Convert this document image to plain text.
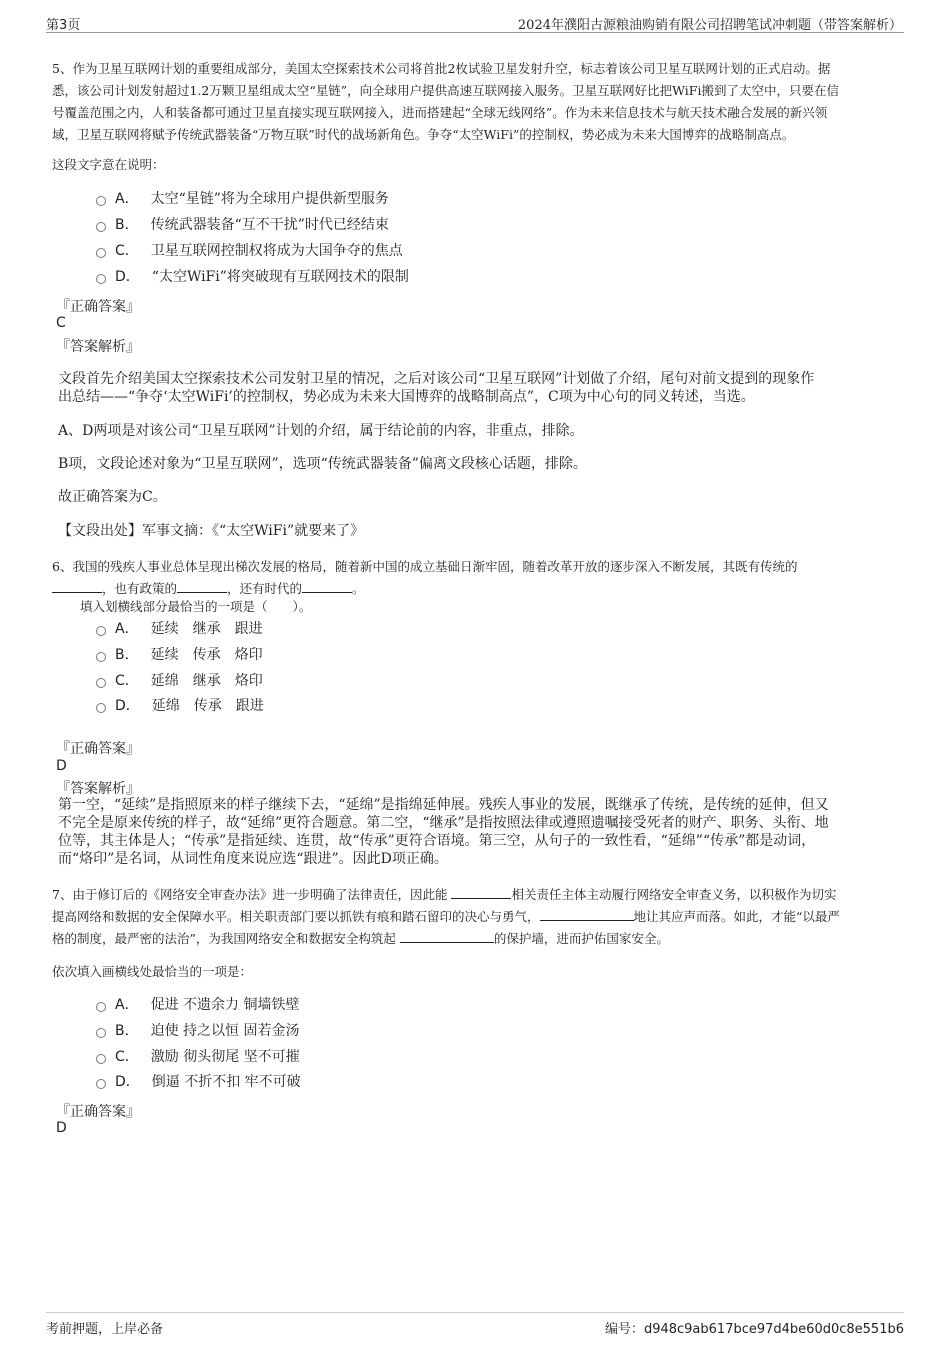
第3页	2024年濮阳古源粮油购销有限公司招聘笔试冲刺题（带答案解析）
5、作为卫星互联网计划的重要组成部分，美国太空探索技术公司将首批2枚试验卫星发射升空，标志着该公司卫星互联网计划的正式启动。据
悉，该公司计划发射超过1.2万颗卫星组成太空“星链”，向全球用户提供高速互联网接入服务。卫星互联网好比把WiFi搬到了太空中，只要在信
号覆盖范围之内，人和装备都可通过卫星直接实现互联网接入，进而搭建起“全球无线网络”。作为未来信息技术与航天技术融合发展的新兴领
域，卫星互联网将赋予传统武器装备“万物互联”时代的战场新角色。争夺“太空WiFi”的控制权，势必成为未来大国博弈的战略制高点。
这段文字意在说明：
A． 太空“星链”将为全球用户提供新型服务
B． 传统武器装备“互不干扰”时代已经结束
C． 卫星互联网控制权将成为大国争夺的焦点
D． “太空WiFi”将突破现有互联网技术的限制
『正确答案』
C
『答案解析』
文段首先介绍美国太空探索技术公司发射卫星的情况，之后对该公司“卫星互联网”计划做了介绍，尾句对前文提到的现象作
出总结——“争夺‘太空WiFi’的控制权，势必成为未来大国博弈的战略制高点”，C项为中心句的同义转述，当选。
A、D两项是对该公司“卫星互联网”计划的介绍，属于结论前的内容，非重点，排除。
B项，文段论述对象为“卫星互联网”，选项“传统武器装备”偏离文段核心话题，排除。
故正确答案为C。
【文段出处】军事文摘：《“太空WiFi”就要来了》
6、我国的残疾人事业总体呈现出梯次发展的格局，随着新中国的成立基础日渐牢固，随着改革开放的逐步深入不断发展，其既有传统的
，也有政策的	，还有时代的	。
填入划横线部分最恰当的一项是（　　）。
A． 延续 继承 跟进
B． 延续 传承 烙印
C． 延绵 继承 烙印
D． 延绵 传承 跟进
『正确答案』
D
『答案解析』
第一空，“延续”是指照原来的样子继续下去，“延绵”是指绵延伸展。残疾人事业的发展，既继承了传统，是传统的延伸，但又
不完全是原来传统的样子，故“延绵”更符合题意。第二空，“继承”是指按照法律或遵照遗嘱接受死者的财产、职务、头衔、地
位等，其主体是人；“传承”是指延续、连贯，故“传承”更符合语境。第三空，从句子的一致性看，“延绵”“传承”都是动词，
而“烙印”是名词，从词性角度来说应选“跟进”。因此D项正确。
7、由于修订后的《网络安全审查办法》进一步明确了法律责任，因此能	相关责任主体主动履行网络安全审查义务，以积极作为切实
提高网络和数据的安全保障水平。相关职责部门要以抓铁有痕和踏石留印的决心与勇气，	地让其应声而落。如此，才能“以最严
格的制度，最严密的法治”，为我国网络安全和数据安全构筑起	的保护墙，进而护佑国家安全。
依次填入画横线处最恰当的一项是：
A． 促进 不遗余力 铜墙铁壁
B． 迫使 持之以恒 固若金汤
C． 激励 彻头彻尾 坚不可摧
D． 倒逼 不折不扣 牢不可破
『正确答案』
D
考前押题，上岸必备	编号：d948c9ab617bce97d4be60d0c8e551b6
